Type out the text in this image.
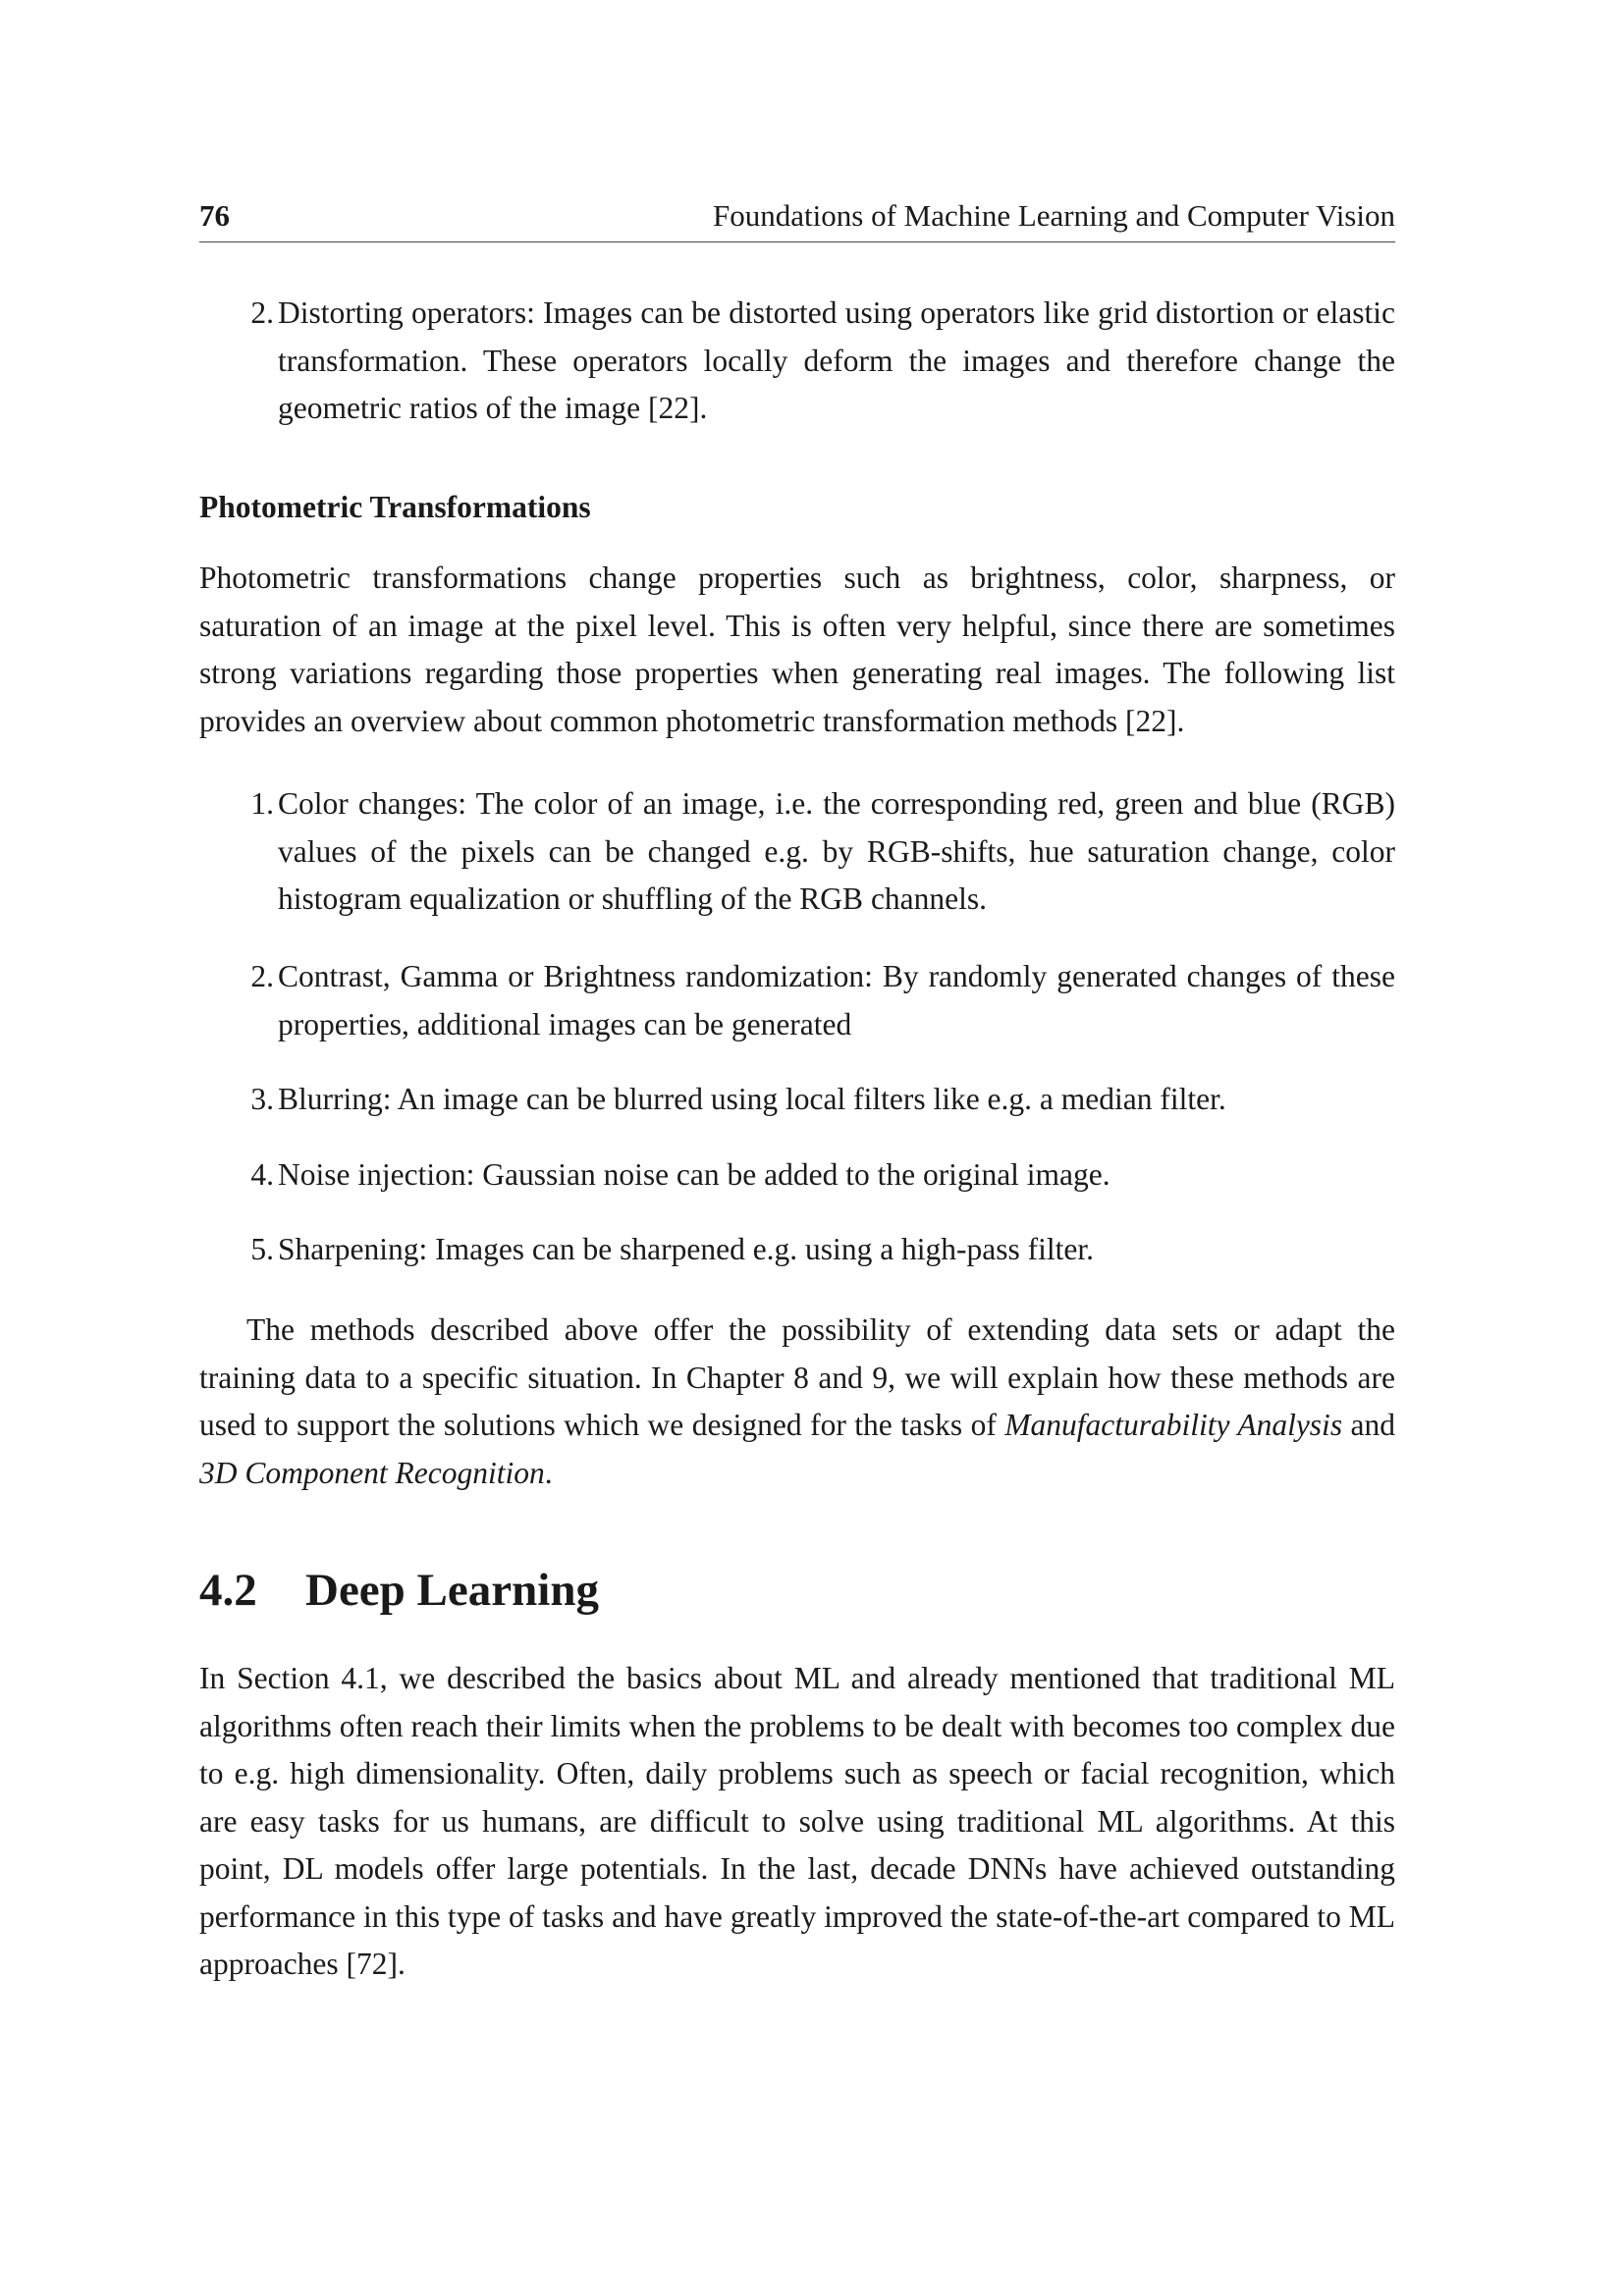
76	Foundations of Machine Learning and Computer Vision
2. Distorting operators: Images can be distorted using operators like grid distortion or elastic transformation. These operators locally deform the images and therefore change the geometric ratios of the image [22].
Photometric Transformations
Photometric transformations change properties such as brightness, color, sharpness, or saturation of an image at the pixel level. This is often very helpful, since there are sometimes strong variations regarding those properties when generating real images. The following list provides an overview about common photometric transformation methods [22].
1. Color changes: The color of an image, i.e. the corresponding red, green and blue (RGB) values of the pixels can be changed e.g. by RGB-shifts, hue saturation change, color histogram equalization or shuffling of the RGB channels.
2. Contrast, Gamma or Brightness randomization: By randomly generated changes of these properties, additional images can be generated
3. Blurring: An image can be blurred using local filters like e.g. a median filter.
4. Noise injection: Gaussian noise can be added to the original image.
5. Sharpening: Images can be sharpened e.g. using a high-pass filter.
The methods described above offer the possibility of extending data sets or adapt the training data to a specific situation. In Chapter 8 and 9, we will explain how these methods are used to support the solutions which we designed for the tasks of Manufacturability Analysis and 3D Component Recognition.
4.2 Deep Learning
In Section 4.1, we described the basics about ML and already mentioned that traditional ML algorithms often reach their limits when the problems to be dealt with becomes too complex due to e.g. high dimensionality. Often, daily problems such as speech or facial recognition, which are easy tasks for us humans, are difficult to solve using traditional ML algorithms. At this point, DL models offer large potentials. In the last, decade DNNs have achieved outstanding performance in this type of tasks and have greatly improved the state-of-the-art compared to ML approaches [72].
